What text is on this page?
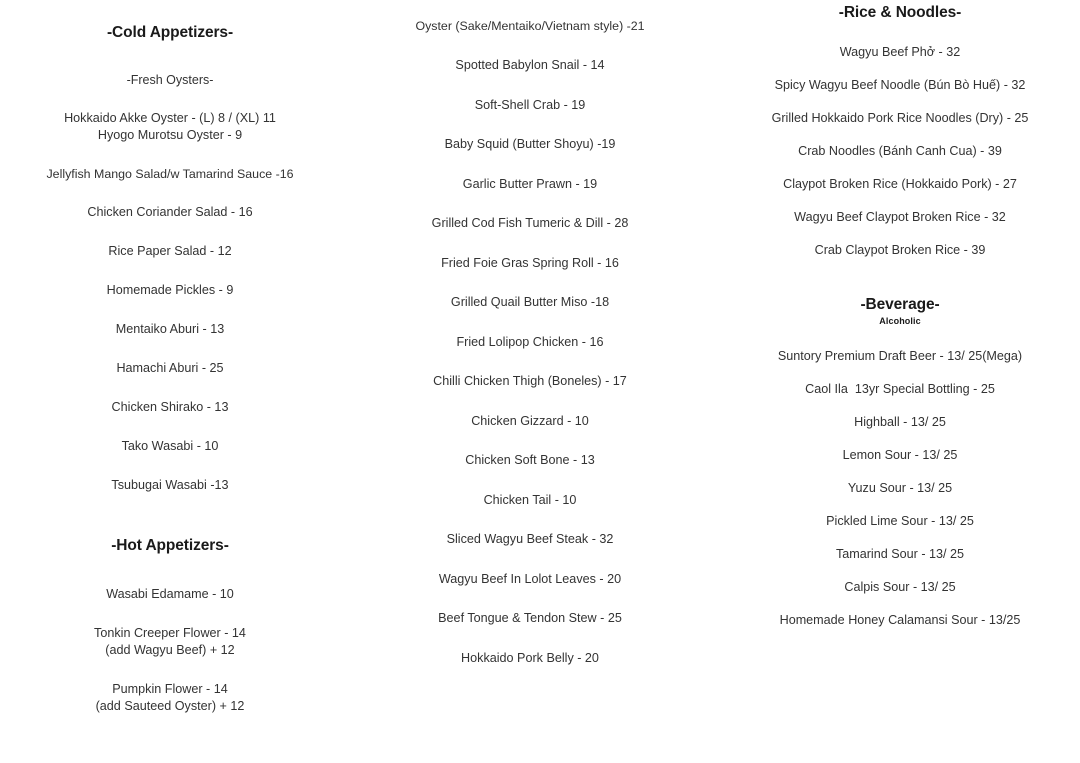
-Cold Appetizers-
-Fresh Oysters-
Hokkaido Akke Oyster - (L) 8 / (XL) 11
Hyogo Murotsu Oyster - 9
Jellyfish Mango Salad/w Tamarind Sauce -16
Chicken Coriander Salad - 16
Rice Paper Salad - 12
Homemade Pickles - 9
Mentaiko Aburi - 13
Hamachi Aburi - 25
Chicken Shirako - 13
Tako Wasabi - 10
Tsubugai Wasabi -13
-Hot Appetizers-
Wasabi Edamame - 10
Tonkin Creeper Flower - 14
(add Wagyu Beef) + 12
Pumpkin Flower - 14
(add Sauteed Oyster) + 12
Oyster (Sake/Mentaiko/Vietnam style) -21
Spotted Babylon Snail - 14
Soft-Shell Crab - 19
Baby Squid (Butter Shoyu) -19
Garlic Butter Prawn - 19
Grilled Cod Fish Tumeric & Dill - 28
Fried Foie Gras Spring Roll - 16
Grilled Quail Butter Miso -18
Fried Lolipop Chicken - 16
Chilli Chicken Thigh (Boneles) - 17
Chicken Gizzard - 10
Chicken Soft Bone - 13
Chicken Tail - 10
Sliced Wagyu Beef Steak - 32
Wagyu Beef In Lolot Leaves - 20
Beef Tongue & Tendon Stew - 25
Hokkaido Pork Belly - 20
-Rice & Noodles-
Wagyu Beef Phở - 32
Spicy Wagyu Beef Noodle (Bún Bò Huế) - 32
Grilled Hokkaido Pork Rice Noodles (Dry) - 25
Crab Noodles (Bánh Canh Cua) - 39
Claypot Broken Rice (Hokkaido Pork) - 27
Wagyu Beef Claypot Broken Rice - 32
Crab Claypot Broken Rice - 39
-Beverage-
Alcoholic
Suntory Premium Draft Beer - 13/ 25(Mega)
Caol Ila  13yr Special Bottling - 25
Highball - 13/ 25
Lemon Sour - 13/ 25
Yuzu Sour - 13/ 25
Pickled Lime Sour - 13/ 25
Tamarind Sour - 13/ 25
Calpis Sour - 13/ 25
Homemade Honey Calamansi Sour - 13/25
